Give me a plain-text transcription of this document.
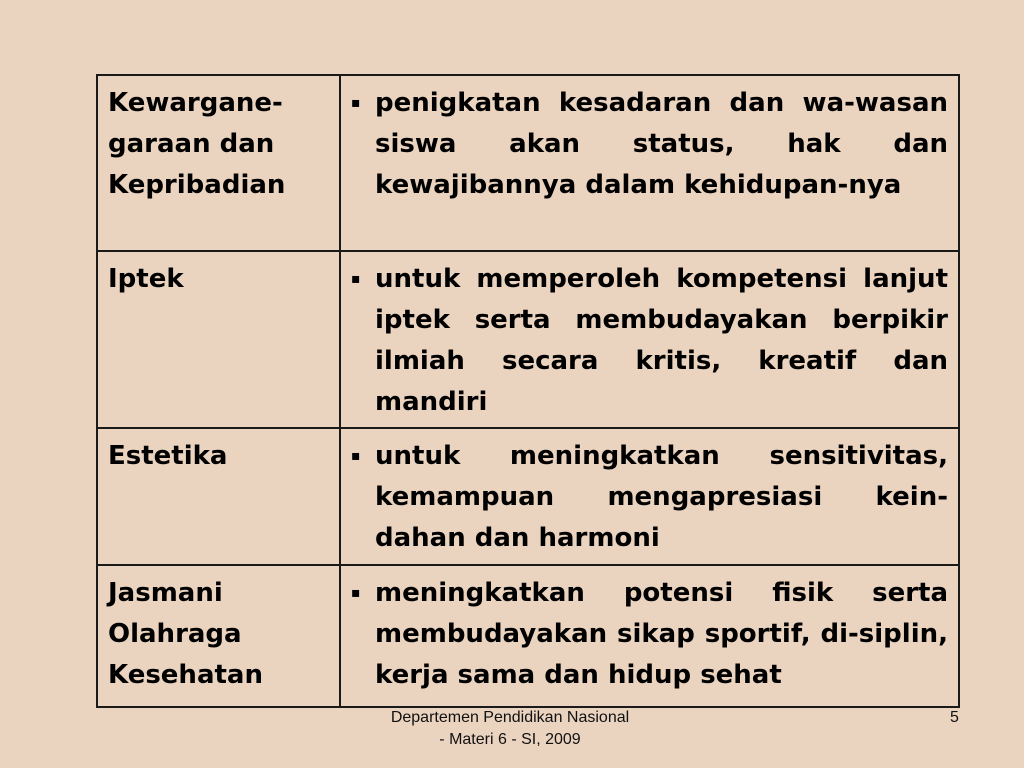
Kewargane-
garaan dan
Kepribadian	▪ penigkatan kesadaran dan wa-wasan siswa akan status, hak dan kewajibannya dalam kehidupan-nya

Iptek	▪ untuk memperoleh kompetensi lanjut iptek serta membudayakan berpikir ilmiah secara kritis, kreatif dan mandiri

Estetika	▪ untuk meningkatkan sensitivitas, kemampuan mengapresiasi kein-dahan dan harmoni

Jasmani
Olahraga
Kesehatan	▪ meningkatkan potensi fisik serta membudayakan sikap sportif, di-siplin, kerja sama dan hidup sehat
Departemen Pendidikan Nasional
- Materi 6 - SI, 2009
5
